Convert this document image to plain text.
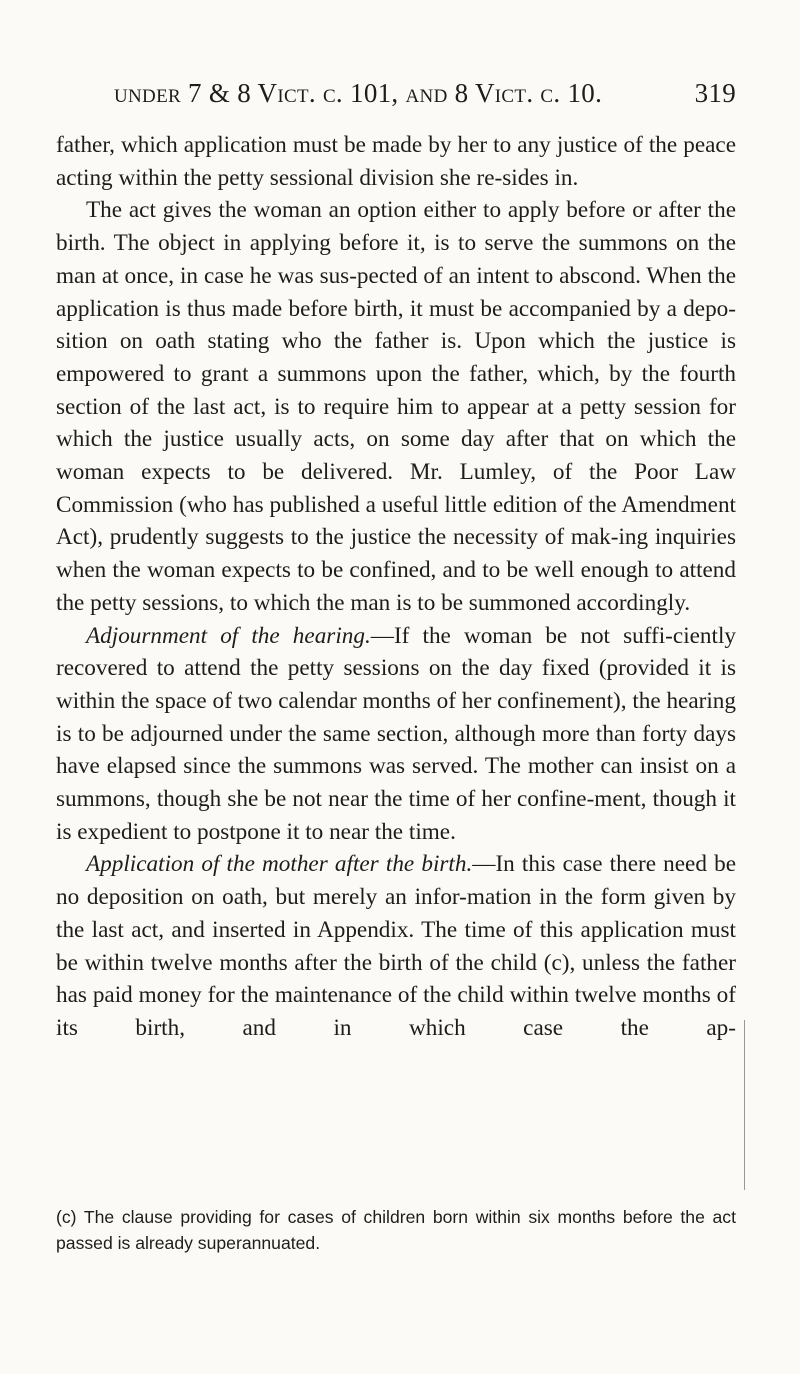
under 7 & 8 Vict. c. 101, and 8 Vict. c. 10.	319

father, which application must be made by her to any justice of the peace acting within the petty sessional division she re-sides in.

The act gives the woman an option either to apply before or after the birth. The object in applying before it, is to serve the summons on the man at once, in case he was sus-pected of an intent to abscond. When the application is thus made before birth, it must be accompanied by a depo-sition on oath stating who the father is. Upon which the justice is empowered to grant a summons upon the father, which, by the fourth section of the last act, is to require him to appear at a petty session for which the justice usually acts, on some day after that on which the woman expects to be delivered. Mr. Lumley, of the Poor Law Commission (who has published a useful little edition of the Amendment Act), prudently suggests to the justice the necessity of mak-ing inquiries when the woman expects to be confined, and to be well enough to attend the petty sessions, to which the man is to be summoned accordingly.

Adjournment of the hearing.—If the woman be not suffi-ciently recovered to attend the petty sessions on the day fixed (provided it is within the space of two calendar months of her confinement), the hearing is to be adjourned under the same section, although more than forty days have elapsed since the summons was served. The mother can insist on a summons, though she be not near the time of her confine-ment, though it is expedient to postpone it to near the time.

Application of the mother after the birth.—In this case there need be no deposition on oath, but merely an infor-mation in the form given by the last act, and inserted in Appendix. The time of this application must be within twelve months after the birth of the child (c), unless the father has paid money for the maintenance of the child within twelve months of its birth, and in which case the ap-

(c) The clause providing for cases of children born within six months before the act passed is already superannuated.
